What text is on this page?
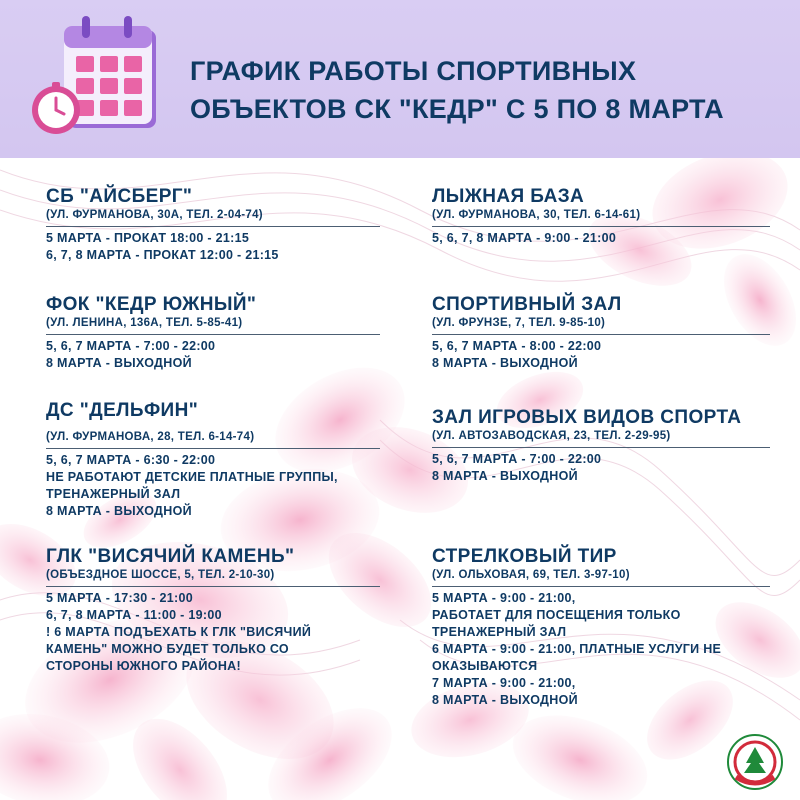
ГРАФИК РАБОТЫ СПОРТИВНЫХ
ОБЪЕКТОВ СК "КЕДР" С 5 ПО 8 МАРТА
СБ "АЙСБЕРГ"
(УЛ. ФУРМАНОВА, 30А, ТЕЛ. 2-04-74)
5 МАРТА - ПРОКАТ 18:00 - 21:15
6, 7, 8 МАРТА - ПРОКАТ 12:00 - 21:15
ФОК "КЕДР ЮЖНЫЙ"
(УЛ. ЛЕНИНА, 136А, ТЕЛ. 5-85-41)
5, 6, 7 МАРТА - 7:00 - 22:00
8 МАРТА - ВЫХОДНОЙ
ДС "ДЕЛЬФИН"
(УЛ. ФУРМАНОВА, 28, ТЕЛ. 6-14-74)
5, 6, 7 МАРТА - 6:30 - 22:00
НЕ РАБОТАЮТ ДЕТСКИЕ ПЛАТНЫЕ ГРУППЫ,
ТРЕНАЖЕРНЫЙ ЗАЛ
8 МАРТА - ВЫХОДНОЙ
ГЛК "ВИСЯЧИЙ КАМЕНЬ"
(ОБЪЕЗДНОЕ ШОССЕ, 5, ТЕЛ. 2-10-30)
5 МАРТА - 17:30 - 21:00
6, 7, 8 МАРТА - 11:00 - 19:00
! 6 МАРТА ПОДЪЕХАТЬ К ГЛК "ВИСЯЧИЙ
КАМЕНЬ" МОЖНО БУДЕТ ТОЛЬКО СО
СТОРОНЫ ЮЖНОГО РАЙОНА!
ЛЫЖНАЯ БАЗА
(УЛ. ФУРМАНОВА, 30, ТЕЛ. 6-14-61)
5, 6, 7, 8 МАРТА - 9:00 - 21:00
СПОРТИВНЫЙ ЗАЛ
(УЛ. ФРУНЗЕ, 7, ТЕЛ. 9-85-10)
5, 6, 7 МАРТА - 8:00 - 22:00
8 МАРТА - ВЫХОДНОЙ
ЗАЛ ИГРОВЫХ ВИДОВ СПОРТА
(УЛ. АВТОЗАВОДСКАЯ, 23, ТЕЛ. 2-29-95)
5, 6, 7 МАРТА - 7:00 - 22:00
8 МАРТА - ВЫХОДНОЙ
СТРЕЛКОВЫЙ ТИР
(УЛ. ОЛЬХОВАЯ, 69, ТЕЛ. 3-97-10)
5 МАРТА - 9:00 - 21:00,
РАБОТАЕТ ДЛЯ ПОСЕЩЕНИЯ ТОЛЬКО
ТРЕНАЖЕРНЫЙ ЗАЛ
6 МАРТА - 9:00 - 21:00, ПЛАТНЫЕ УСЛУГИ НЕ
ОКАЗЫВАЮТСЯ
7 МАРТА - 9:00 - 21:00,
8 МАРТА - ВЫХОДНОЙ
